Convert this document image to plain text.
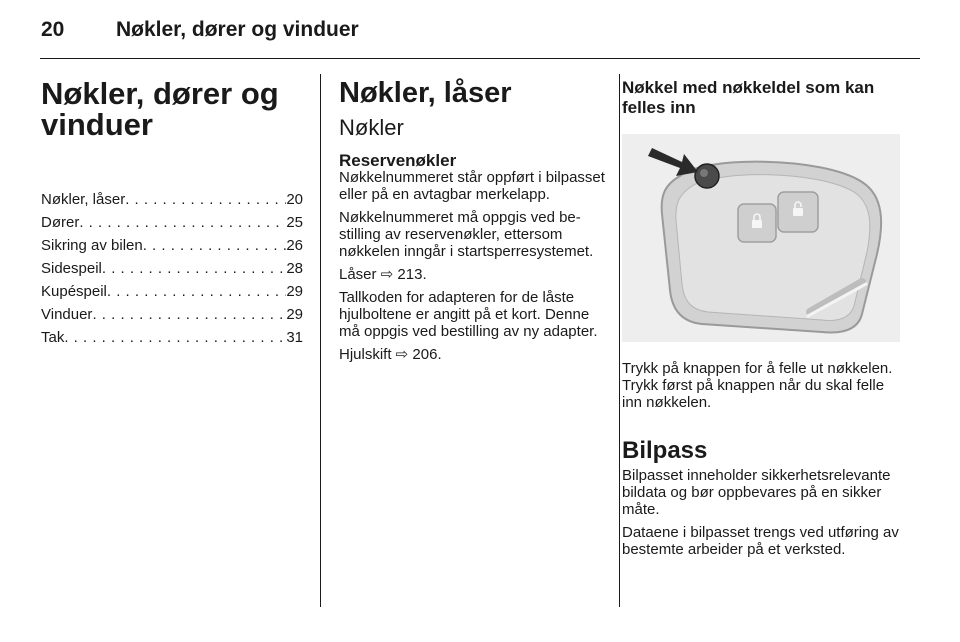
20 Nøkler, dører og vinduer
Nøkler, dører og vinduer
Nøkler, låser . . .	20
Dører . . .	25
Sikring av bilen . . .	26
Sidespeil . . .	28
Kupéspeil . . .	29
Vinduer . . .	29
Tak . . .	31
Nøkler, låser
Nøkler
Reservenøkler

Nøkkelnummeret står oppført i bilpasset eller på en avtagbar merkelapp.

Nøkkelnummeret må oppgis ved bestilling av reservenøkler, ettersom nøkkelen inngår i startsperresystemet.

Låser ⇨ 213.

Tallkoden for adapteren for de låste hjulboltene er angitt på et kort. Denne må oppgis ved bestilling av ny adapter.

Hjulskift ⇨ 206.

Nøkkel med nøkkeldel som kan felles inn

Trykk på knappen for å felle ut nøkkelen. Trykk først på knappen når du skal felle inn nøkkelen.

Bilpass

Bilpasset inneholder sikkerhetsrelevante bildata og bør oppbevares på en sikker måte.

Dataene i bilpasset trengs ved utføring av bestemte arbeider på et verksted.
